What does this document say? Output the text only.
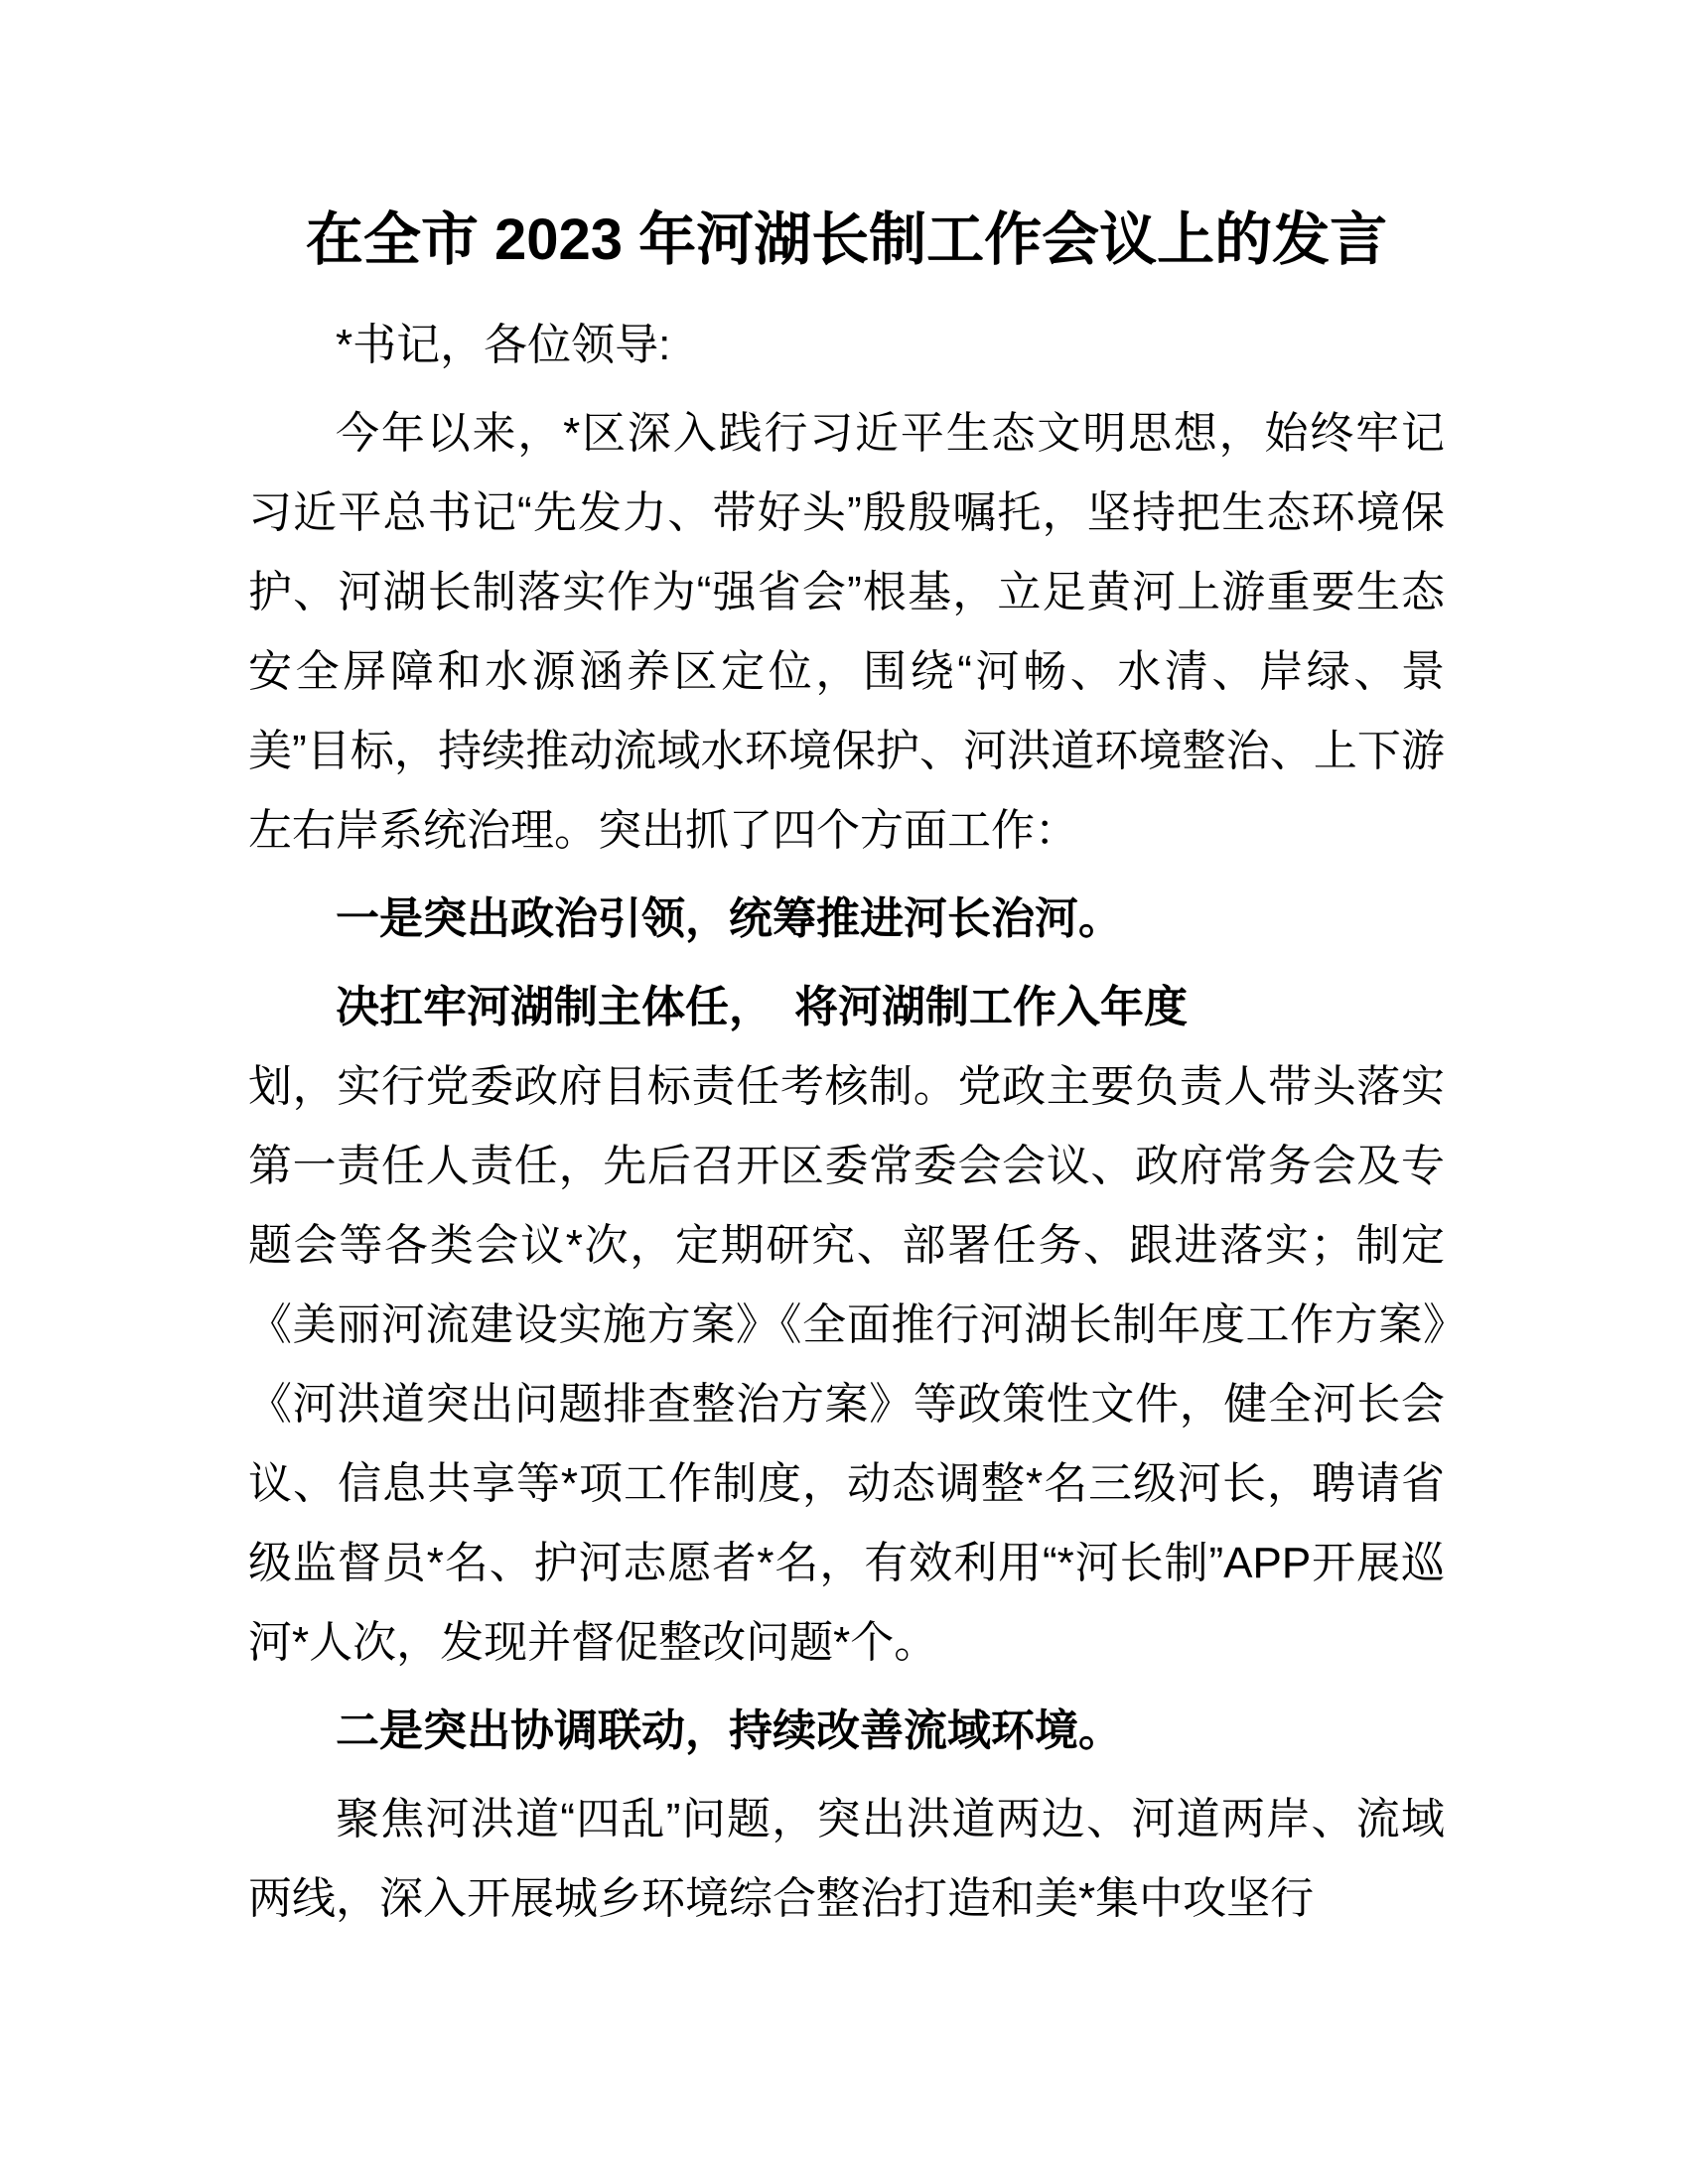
在全市 2023 年河湖长制工作会议上的发言

*书记，各位领导:

今年以来，*区深入践行习近平生态文明思想，始终牢记习近平总书记“先发力、带好头”殷殷嘱托，坚持把生态环境保护、河湖长制落实作为“强省会”根基，立足黄河上游重要生态安全屏障和水源涵养区定位，围绕“河畅、水清、岸绿、景美”目标，持续推动流域水环境保护、河洪道环境整治、上下游左右岸系统治理。突出抓了四个方面工作：

一是突出政治引领，统筹推进河长治河。

决扛牢河湖制主体任，　将河湖制工作入年度
划，实行党委政府目标责任考核制。党政主要负责人带头落实第一责任人责任，先后召开区委常委会会议、政府常务会及专题会等各类会议*次，定期研究、部署任务、跟进落实；制定《美丽河流建设实施方案》《全面推行河湖长制年度工作方案》《河洪道突出问题排查整治方案》等政策性文件，健全河长会议、信息共享等*项工作制度，动态调整*名三级河长，聘请省级监督员*名、护河志愿者*名，有效利用“*河长制”APP开展巡河*人次，发现并督促整改问题*个。

二是突出协调联动，持续改善流域环境。

聚焦河洪道“四乱”问题，突出洪道两边、河道两岸、流域两线，深入开展城乡环境综合整治打造和美*集中攻坚行
